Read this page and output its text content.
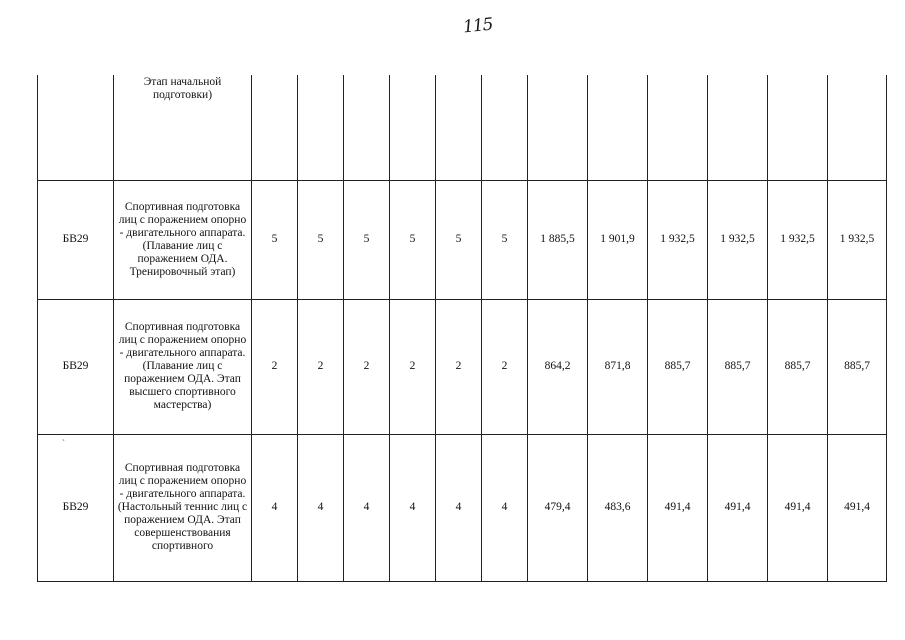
115
	Этап начальной подготовки)												
БВ29	Спортивная подготовка лиц с поражением опорно - двигательного аппарата. (Плавание лиц с поражением ОДА. Тренировочный этап)	5	5	5	5	5	5	1 885,5	1 901,9	1 932,5	1 932,5	1 932,5	1 932,5
БВ29	Спортивная подготовка лиц с поражением опорно - двигательного аппарата. (Плавание лиц с поражением ОДА. Этап высшего спортивного мастерства)	2	2	2	2	2	2	864,2	871,8	885,7	885,7	885,7	885,7
БВ29	Спортивная подготовка лиц с поражением опорно - двигательного аппарата. (Настольный теннис лиц с поражением ОДА. Этап совершенствования спортивного	4	4	4	4	4	4	479,4	483,6	491,4	491,4	491,4	491,4
`
